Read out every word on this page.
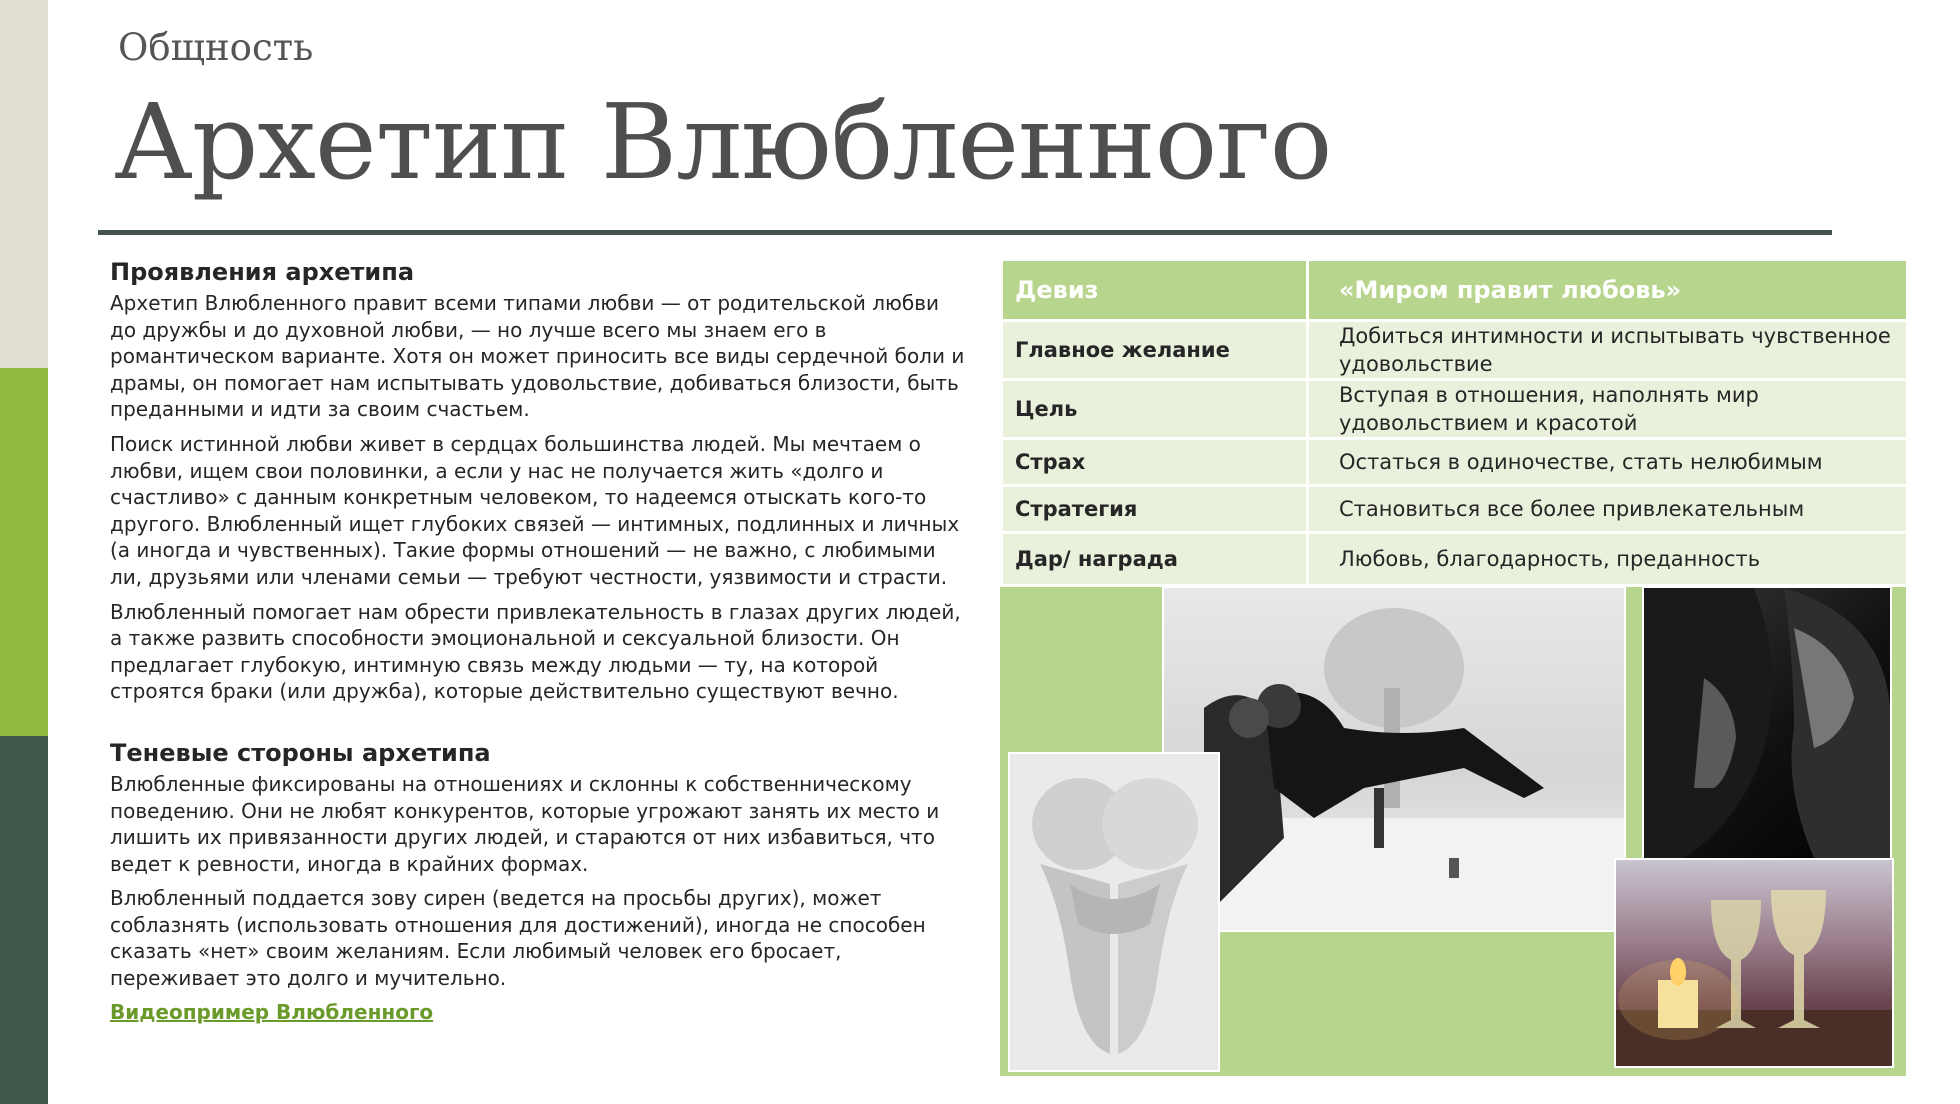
Общность
Архетип Влюбленного
Проявления архетипа

Архетип Влюбленного правит всеми типами любви — от родительской любви до дружбы и до духовной любви, — но лучше всего мы знаем его в романтическом варианте. Хотя он может приносить все виды сердечной боли и драмы, он помогает нам испытывать удовольствие, добиваться близости, быть преданными и идти за своим счастьем.

Поиск истинной любви живет в сердцах большинства людей. Мы мечтаем о любви, ищем свои половинки, а если у нас не получается жить «долго и счастливо» с данным конкретным человеком, то надеемся отыскать кого-то другого. Влюбленный ищет глубоких связей — интимных, подлинных и личных (а иногда и чувственных). Такие формы отношений — не важно, с любимыми ли, друзьями или членами семьи — требуют честности, уязвимости и страсти.

Влюбленный помогает нам обрести привлекательность в глазах других людей, а также развить способности эмоциональной и сексуальной близости. Он предлагает глубокую, интимную связь между людьми — ту, на которой строятся браки (или дружба), которые действительно существуют вечно.

Теневые стороны архетипа

Влюбленные фиксированы на отношениях и склонны к собственническому поведению. Они не любят конкурентов, которые угрожают занять их место и лишить их привязанности других людей, и стараются от них избавиться, что ведет к ревности, иногда в крайних формах.

Влюбленный поддается зову сирен (ведется на просьбы других), может соблазнять (использовать отношения для достижений), иногда не способен сказать «нет» своим желаниям. Если любимый человек его бросает, переживает это долго и мучительно.

Видеопример Влюбленного
Девиз	«Миром правит любовь»
Главное желание	Добиться интимности и испытывать чувственное удовольствие
Цель	Вступая в отношения, наполнять мир удовольствием и красотой
Страх	Остаться в одиночестве, стать нелюбимым
Стратегия	Становиться все более привлекательным
Дар/ награда	Любовь, благодарность, преданность
